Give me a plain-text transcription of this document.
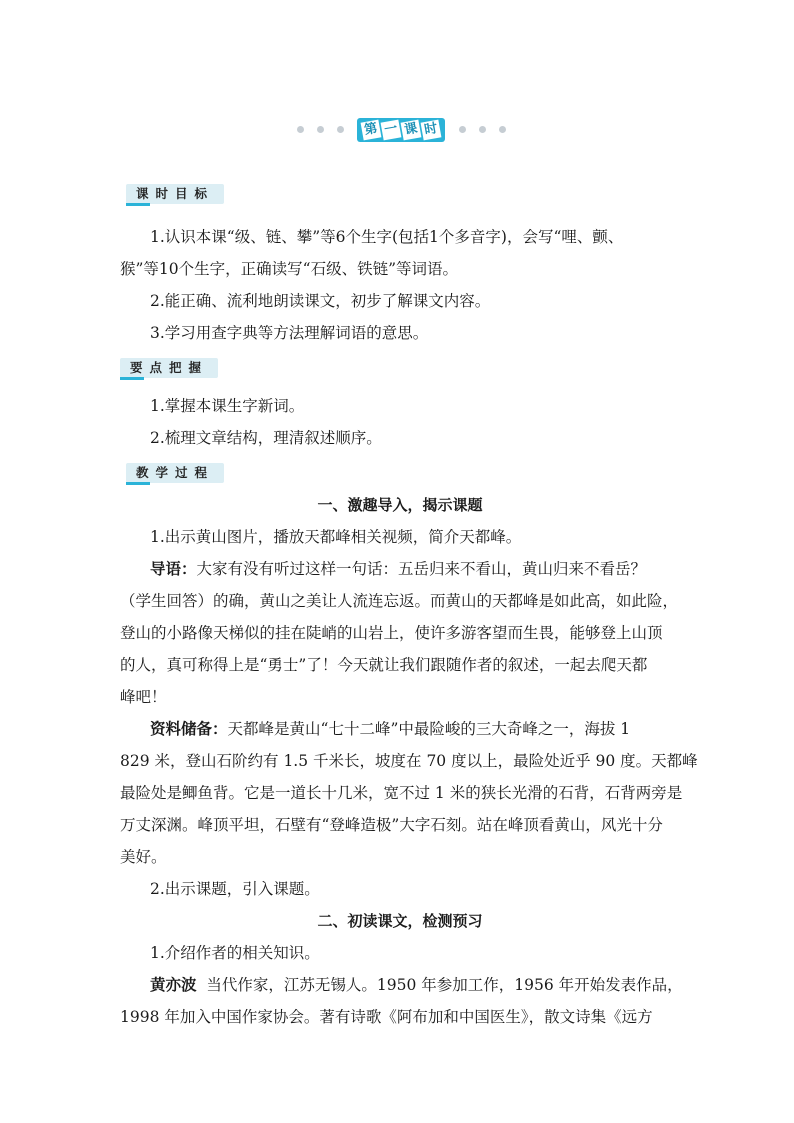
第 一 课 时
课时目标
1.认识本课“级、链、攀”等6个生字(包括1个多音字)，会写“哩、颤、
猴”等10个生字，正确读写“石级、铁链”等词语。
2.能正确、流利地朗读课文，初步了解课文内容。
3.学习用查字典等方法理解词语的意思。
要点把握
1.掌握本课生字新词。
2.梳理文章结构，理清叙述顺序。
教学过程
一、激趣导入，揭示课题
1.出示黄山图片，播放天都峰相关视频，简介天都峰。
导语：大家有没有听过这样一句话：五岳归来不看山，黄山归来不看岳？
（学生回答）的确，黄山之美让人流连忘返。而黄山的天都峰是如此高，如此险，
登山的小路像天梯似的挂在陡峭的山岩上，使许多游客望而生畏，能够登上山顶
的人，真可称得上是“勇士”了！今天就让我们跟随作者的叙述，一起去爬天都
峰吧！
资料储备：天都峰是黄山“七十二峰”中最险峻的三大奇峰之一，海拔 1
829 米，登山石阶约有 1.5 千米长，坡度在 70 度以上，最险处近乎 90 度。天都峰
最险处是鲫鱼背。它是一道长十几米，宽不过 1 米的狭长光滑的石背，石背两旁是
万丈深渊。峰顶平坦，石壁有“登峰造极”大字石刻。站在峰顶看黄山，风光十分
美好。
2.出示课题，引入课题。
二、初读课文，检测预习
1.介绍作者的相关知识。
黄亦波 当代作家，江苏无锡人。1950 年参加工作，1956 年开始发表作品，
1998 年加入中国作家协会。著有诗歌《阿布加和中国医生》，散文诗集《远方
